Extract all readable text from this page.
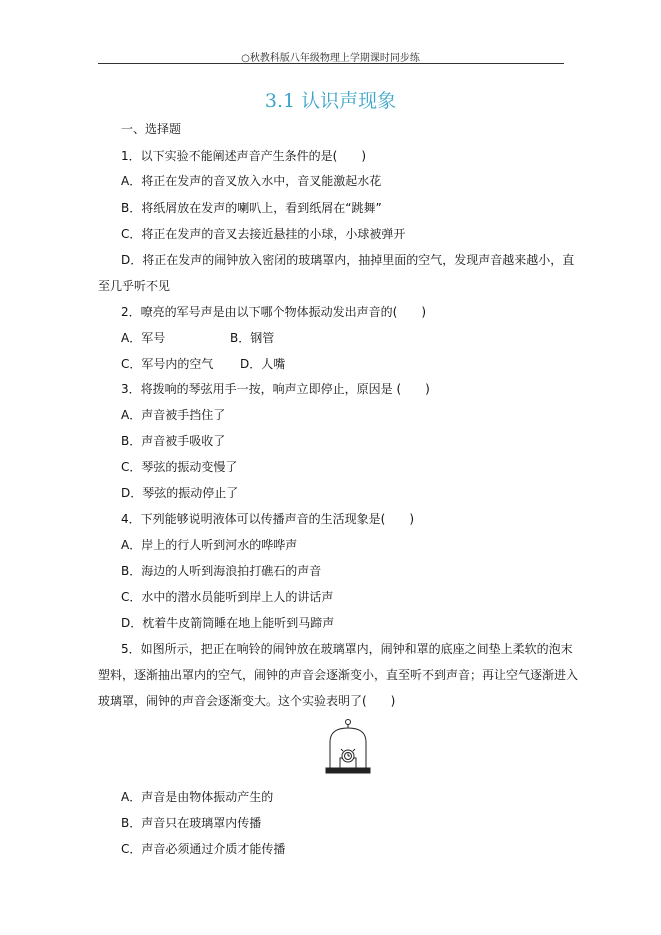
○秋教科版八年级物理上学期课时同步练
3.1 认识声现象
一、选择题
1．以下实验不能阐述声音产生条件的是(　　)
A．将正在发声的音叉放入水中，音叉能激起水花
B．将纸屑放在发声的喇叭上，看到纸屑在“跳舞”
C．将正在发声的音叉去接近悬挂的小球，小球被弹开
D．将正在发声的闹钟放入密闭的玻璃罩内，抽掉里面的空气，发现声音越来越小，直
至几乎听不见
2．嘹亮的军号声是由以下哪个物体振动发出声音的(　　)
A．军号	B．钢管
C．军号内的空气 D．人嘴
3．将拨响的琴弦用手一按，响声立即停止，原因是 (　　)
A．声音被手挡住了
B．声音被手吸收了
C．琴弦的振动变慢了
D．琴弦的振动停止了
4．下列能够说明液体可以传播声音的生活现象是(　　)
A．岸上的行人听到河水的哗哗声
B．海边的人听到海浪拍打礁石的声音
C．水中的潜水员能听到岸上人的讲话声
D．枕着牛皮箭筒睡在地上能听到马蹄声
5．如图所示，把正在响铃的闹钟放在玻璃罩内，闹钟和罩的底座之间垫上柔软的泡末
塑料，逐渐抽出罩内的空气，闹钟的声音会逐渐变小，直至听不到声音；再让空气逐渐进入
玻璃罩，闹钟的声音会逐渐变大。这个实验表明了(　　)
A．声音是由物体振动产生的
B．声音只在玻璃罩内传播
C．声音必须通过介质才能传播
